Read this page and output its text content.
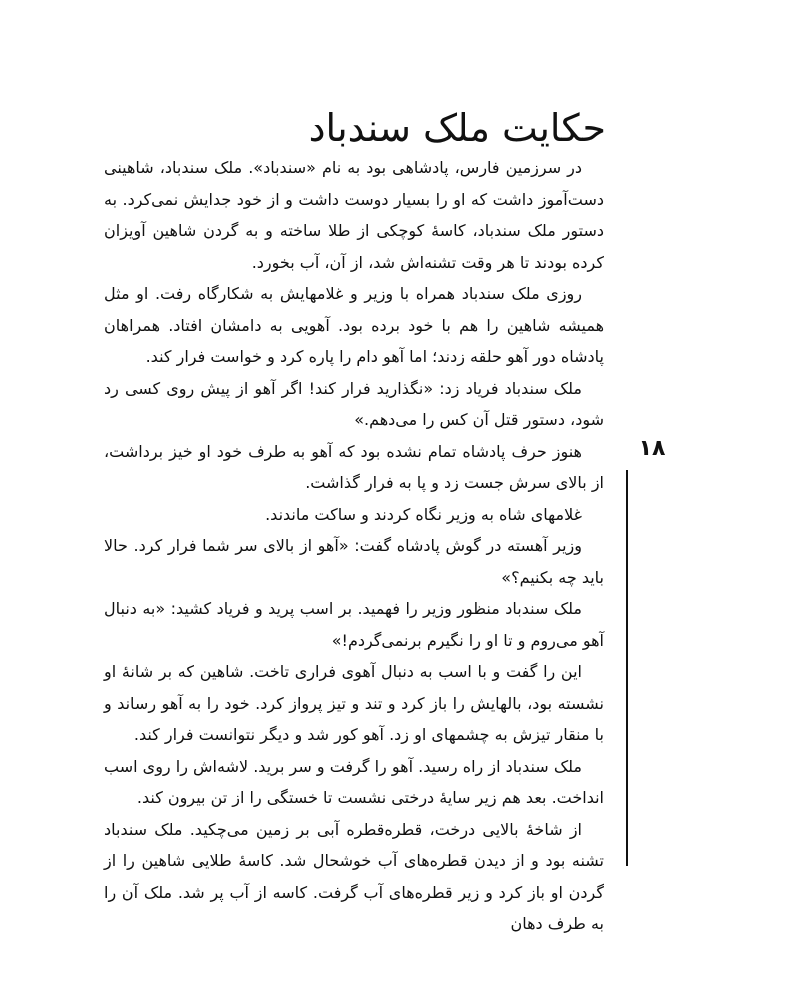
حکایت ملک سندباد
۱۸

در سرزمین فارس، پادشاهی بود به نام «سندباد». ملک سندباد، شاهینی دست‌آموز داشت که او را بسیار دوست داشت و از خود جدایش نمی‌کرد. به دستور ملک سندباد، کاسهٔ کوچکی از طلا ساخته و به گردن شاهین آویزان کرده بودند تا هر وقت تشنه‌اش شد، از آن، آب بخورد.

روزی ملک سندباد همراه با وزیر و غلامهایش به شکارگاه رفت. او مثل همیشه شاهین را هم با خود برده بود. آهویی به دامشان افتاد. همراهان پادشاه دور آهو حلقه زدند؛ اما آهو دام را پاره کرد و خواست فرار کند.

ملک سندباد فریاد زد: «نگذارید فرار کند! اگر آهو از پیش روی کسی رد شود، دستور قتل آن کس را می‌دهم.»

هنوز حرف پادشاه تمام نشده بود که آهو به طرف خود او خیز برداشت، از بالای سرش جست زد و پا به فرار گذاشت.

غلامهای شاه به وزیر نگاه کردند و ساکت ماندند.

وزیر آهسته در گوش پادشاه گفت: «آهو از بالای سر شما فرار کرد. حالا باید چه بکنیم؟»

ملک سندباد منظور وزیر را فهمید. بر اسب پرید و فریاد کشید: «به دنبال آهو می‌روم و تا او را نگیرم برنمی‌گردم!»

این را گفت و با اسب به دنبال آهوی فراری تاخت. شاهین که بر شانهٔ او نشسته بود، بالهایش را باز کرد و تند و تیز پرواز کرد. خود را به آهو رساند و با منقار تیزش به چشمهای او زد. آهو کور شد و دیگر نتوانست فرار کند.

ملک سندباد از راه رسید. آهو را گرفت و سر برید. لاشه‌اش را روی اسب انداخت. بعد هم زیر سایهٔ درختی نشست تا خستگی را از تن بیرون کند.

از شاخهٔ بالایی درخت، قطره‌قطره آبی بر زمین می‌چکید. ملک سندباد تشنه بود و از دیدن قطره‌های آب خوشحال شد. کاسهٔ طلایی شاهین را از گردن او باز کرد و زیر قطره‌های آب گرفت. کاسه از آب پر شد. ملک آن را به طرف دهان
